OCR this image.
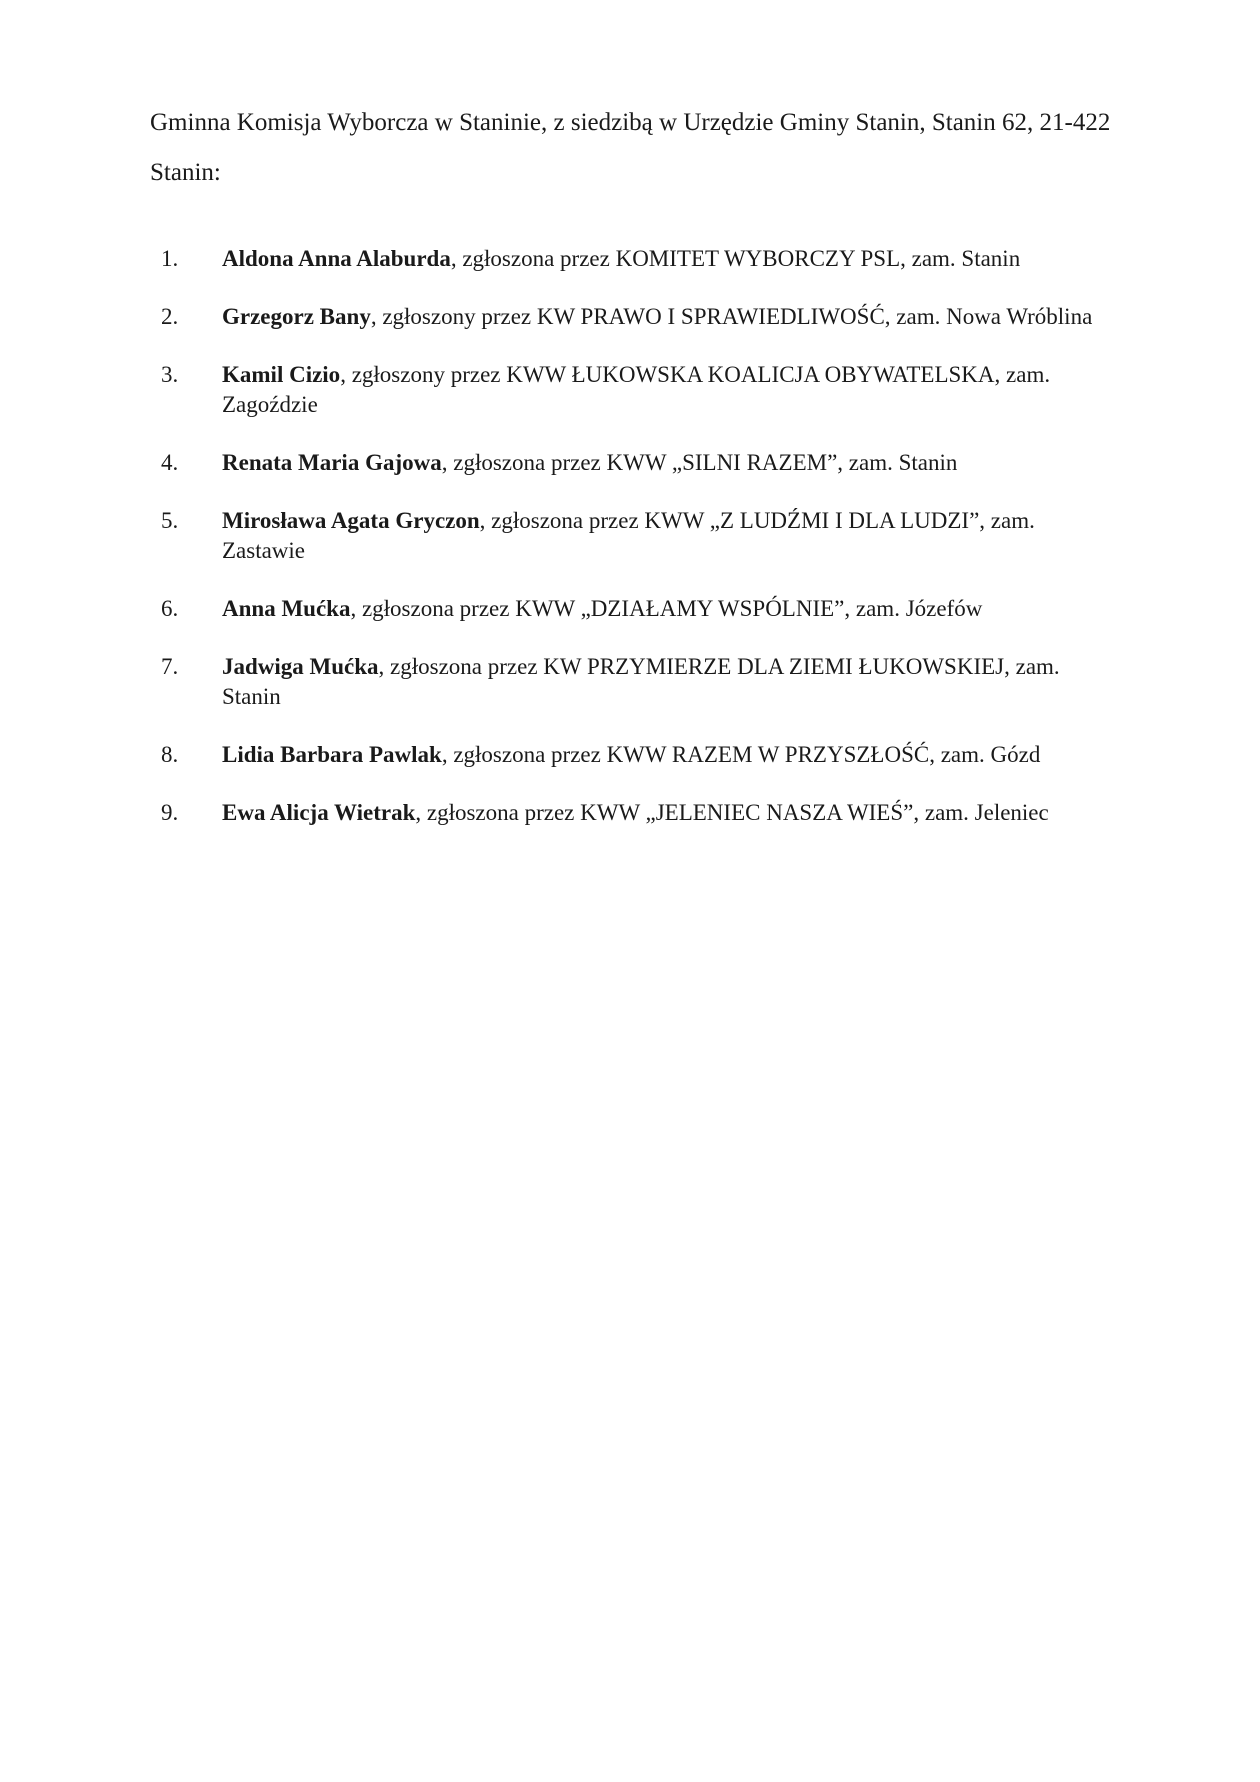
Gminna Komisja Wyborcza w Staninie, z siedzibą w Urzędzie Gminy Stanin, Stanin 62, 21-422 Stanin:

1. Aldona Anna Alaburda, zgłoszona przez KOMITET WYBORCZY PSL, zam. Stanin
2. Grzegorz Bany, zgłoszony przez KW PRAWO I SPRAWIEDLIWOŚĆ, zam. Nowa Wróblina
3. Kamil Cizio, zgłoszony przez KWW ŁUKOWSKA KOALICJA OBYWATELSKA, zam. Zagoździe
4. Renata Maria Gajowa, zgłoszona przez KWW „SILNI RAZEM”, zam. Stanin
5. Mirosława Agata Gryczon, zgłoszona przez KWW „Z LUDŹMI I DLA LUDZI”, zam. Zastawie
6. Anna Mućka, zgłoszona przez KWW „DZIAŁAMY WSPÓLNIE”, zam. Józefów
7. Jadwiga Mućka, zgłoszona przez KW PRZYMIERZE DLA ZIEMI ŁUKOWSKIEJ, zam. Stanin
8. Lidia Barbara Pawlak, zgłoszona przez KWW RAZEM W PRZYSZŁOŚĆ, zam. Gózd
9. Ewa Alicja Wietrak, zgłoszona przez KWW „JELENIEC NASZA WIEŚ”, zam. Jeleniec
